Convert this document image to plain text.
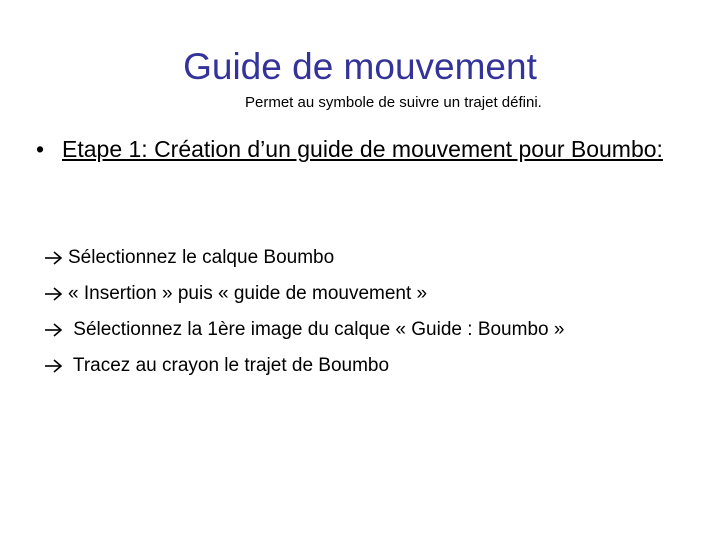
Guide de mouvement
Permet au symbole de suivre un trajet défini.
• Etape 1: Création d’un guide de mouvement pour Boumbo:
Sélectionnez le calque Boumbo
« Insertion » puis « guide de mouvement »
Sélectionnez la 1ère image du calque « Guide : Boumbo »
Tracez au crayon le trajet de Boumbo
